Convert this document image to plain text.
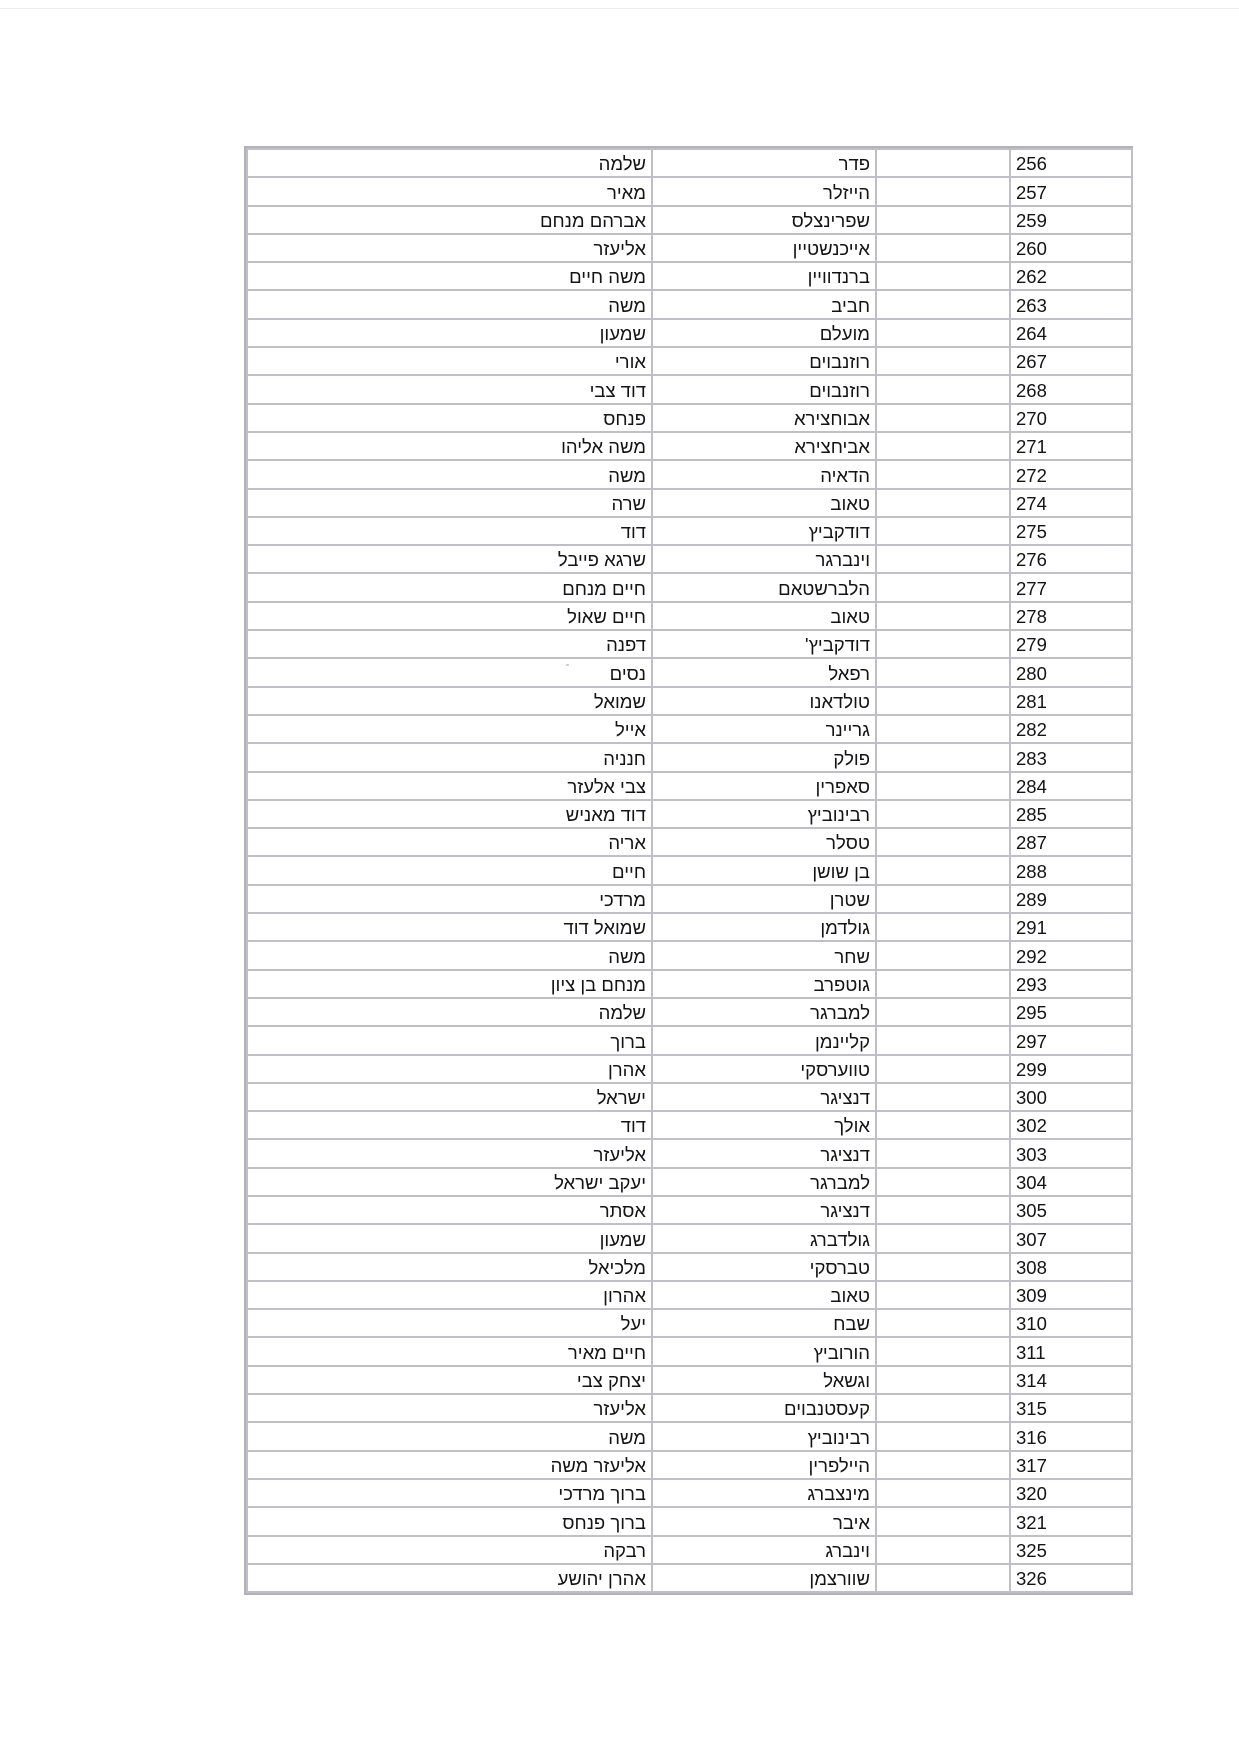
256		פדר	שלמה
257		הייזלר	מאיר
259		שפרינצלס	אברהם מנחם
260		אייכנשטיין	אליעזר
262		ברנדוויין	משה חיים
263		חביב	משה
264		מועלם	שמעון
267		רוזנבוים	אורי
268		רוזנבוים	דוד צבי
270		אבוחצירא	פנחס
271		אביחצירא	משה אליהו
272		הדאיה	משה
274		טאוב	שרה
275		דודקביץ	דוד
276		וינברגר	שרגא פייבל
277		הלברשטאם	חיים מנחם
278		טאוב	חיים שאול
279		דודקביץ'	דפנה
280		רפאל	נסים
281		טולדאנו	שמואל
282		גריינר	אייל
283		פולק	חנניה
284		סאפרין	צבי אלעזר
285		רבינוביץ	דוד מאניש
287		טסלר	אריה
288		בן שושן	חיים
289		שטרן	מרדכי
291		גולדמן	שמואל דוד
292		שחר	משה
293		גוטפרב	מנחם בן ציון
295		למברגר	שלמה
297		קליינמן	ברוך
299		טווערסקי	אהרן
300		דנציגר	ישראל
302		אולך	דוד
303		דנציגר	אליעזר
304		למברגר	יעקב ישראל
305		דנציגר	אסתר
307		גולדברג	שמעון
308		טברסקי	מלכיאל
309		טאוב	אהרון
310		שבח	יעל
311		הורוביץ	חיים מאיר
314		וגשאל	יצחק צבי
315		קעסטנבוים	אליעזר
316		רבינוביץ	משה
317		היילפרין	אליעזר משה
320		מינצברג	ברוך מרדכי
321		איבר	ברוך פנחס
325		וינברג	רבקה
326		שוורצמן	אהרן יהושע
